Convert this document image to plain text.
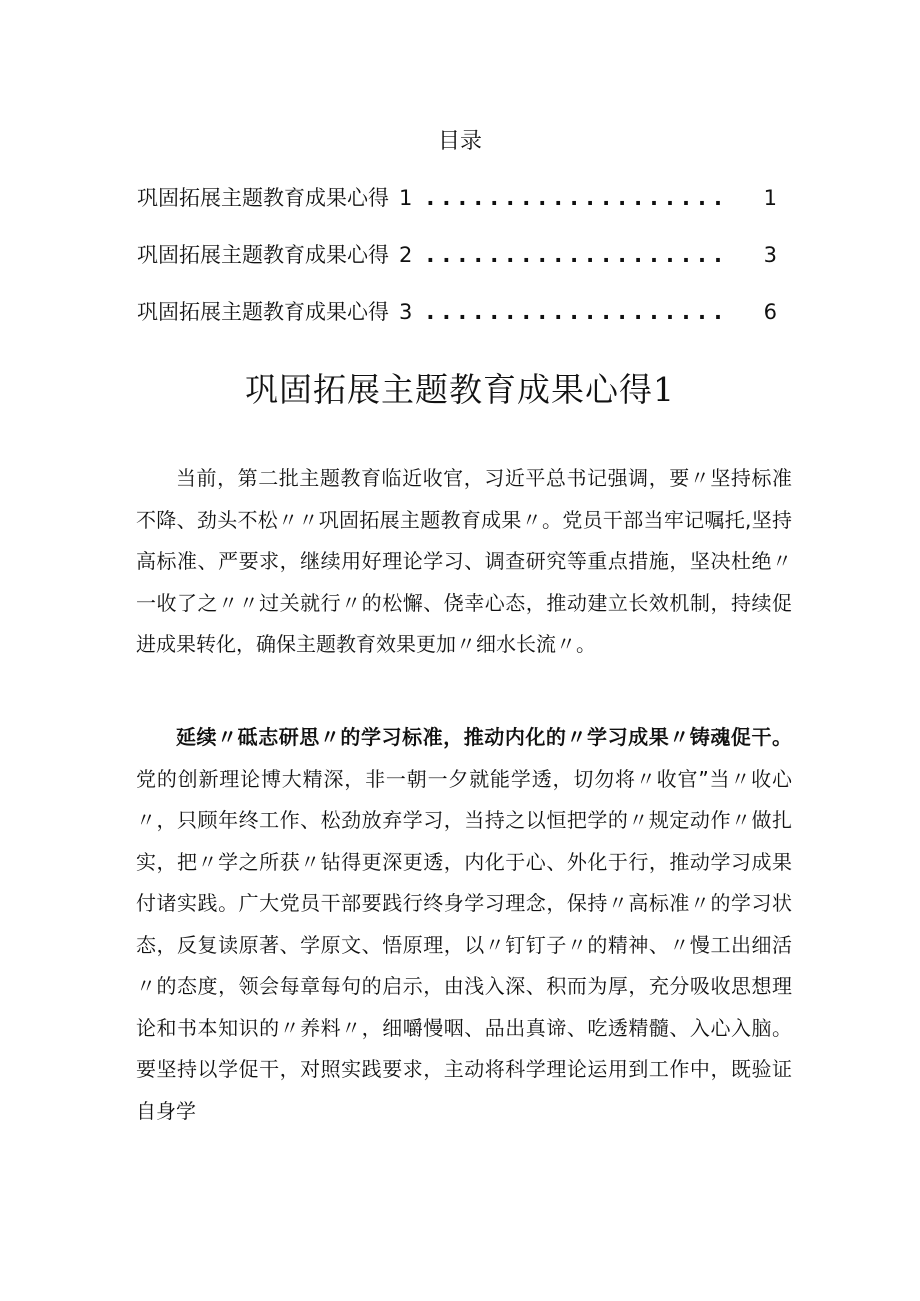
目录
巩固拓展主题教育成果心得 1 ...................	1
巩固拓展主题教育成果心得 2 ...................	3
巩固拓展主题教育成果心得 3 ...................	6
巩固拓展主题教育成果心得1

当前，第二批主题教育临近收官，习近平总书记强调，要〃坚持标准不降、劲头不松〃〃巩固拓展主题教育成果〃。党员干部当牢记嘱托,坚持高标准、严要求，继续用好理论学习、调查研究等重点措施，坚决杜绝〃一收了之〃〃过关就行〃的松懈、侥幸心态，推动建立长效机制，持续促进成果转化，确保主题教育效果更加〃细水长流〃。

延续〃砥志研思〃的学习标准，推动内化的〃学习成果〃铸魂促干。党的创新理论博大精深，非一朝一夕就能学透，切勿将〃收官”当〃收心〃，只顾年终工作、松劲放弃学习，当持之以恒把学的〃规定动作〃做扎实，把〃学之所获〃钻得更深更透，内化于心、外化于行，推动学习成果付诸实践。广大党员干部要践行终身学习理念，保持〃高标准〃的学习状态，反复读原著、学原文、悟原理，以〃钉钉子〃的精神、〃慢工出细活〃的态度，领会每章每句的启示，由浅入深、积而为厚，充分吸收思想理论和书本知识的〃养料〃，细嚼慢咽、品出真谛、吃透精髓、入心入脑。要坚持以学促干，对照实践要求，主动将科学理论运用到工作中，既验证自身学
